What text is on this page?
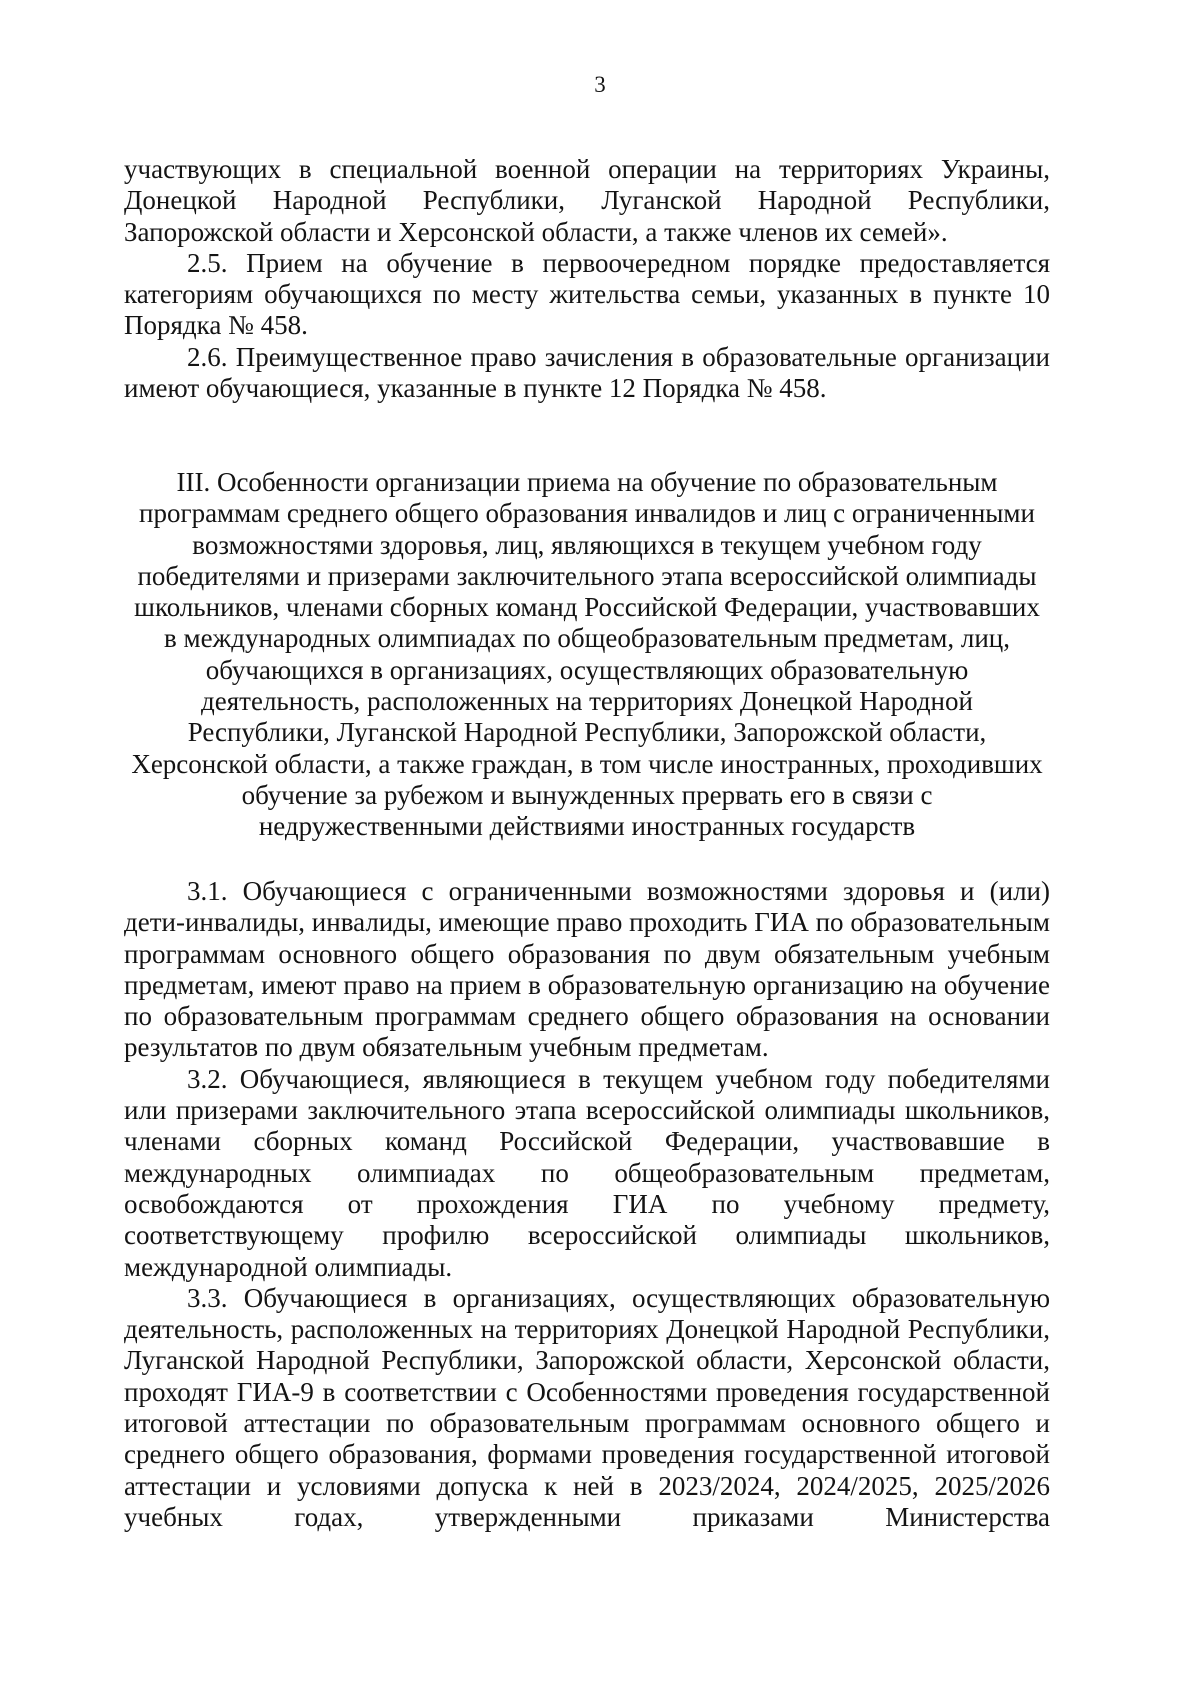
3

участвующих в специальной военной операции на территориях Украины, Донецкой Народной Республики, Луганской Народной Республики, Запорожской области и Херсонской области, а также членов их семей».

2.5. Прием на обучение в первоочередном порядке предоставляется категориям обучающихся по месту жительства семьи, указанных в пункте 10 Порядка № 458.

2.6. Преимущественное право зачисления в образовательные организации имеют обучающиеся, указанные в пункте 12 Порядка № 458.

III. Особенности организации приема на обучение по образовательным программам среднего общего образования инвалидов и лиц с ограниченными возможностями здоровья, лиц, являющихся в текущем учебном году победителями и призерами заключительного этапа всероссийской олимпиады школьников, членами сборных команд Российской Федерации, участвовавших в международных олимпиадах по общеобразовательным предметам, лиц, обучающихся в организациях, осуществляющих образовательную деятельность, расположенных на территориях Донецкой Народной Республики, Луганской Народной Республики, Запорожской области, Херсонской области, а также граждан, в том числе иностранных, проходивших обучение за рубежом и вынужденных прервать его в связи с недружественными действиями иностранных государств

3.1. Обучающиеся с ограниченными возможностями здоровья и (или) дети-инвалиды, инвалиды, имеющие право проходить ГИА по образовательным программам основного общего образования по двум обязательным учебным предметам, имеют право на прием в образовательную организацию на обучение по образовательным программам среднего общего образования на основании результатов по двум обязательным учебным предметам.

3.2. Обучающиеся, являющиеся в текущем учебном году победителями или призерами заключительного этапа всероссийской олимпиады школьников, членами сборных команд Российской Федерации, участвовавшие в международных олимпиадах по общеобразовательным предметам, освобождаются от прохождения ГИА по учебному предмету, соответствующему профилю всероссийской олимпиады школьников, международной олимпиады.

3.3. Обучающиеся в организациях, осуществляющих образовательную деятельность, расположенных на территориях Донецкой Народной Республики, Луганской Народной Республики, Запорожской области, Херсонской области, проходят ГИА-9 в соответствии с Особенностями проведения государственной итоговой аттестации по образовательным программам основного общего и среднего общего образования, формами проведения государственной итоговой аттестации и условиями допуска к ней в 2023/2024, 2024/2025, 2025/2026 учебных годах, утвержденными приказами Министерства
